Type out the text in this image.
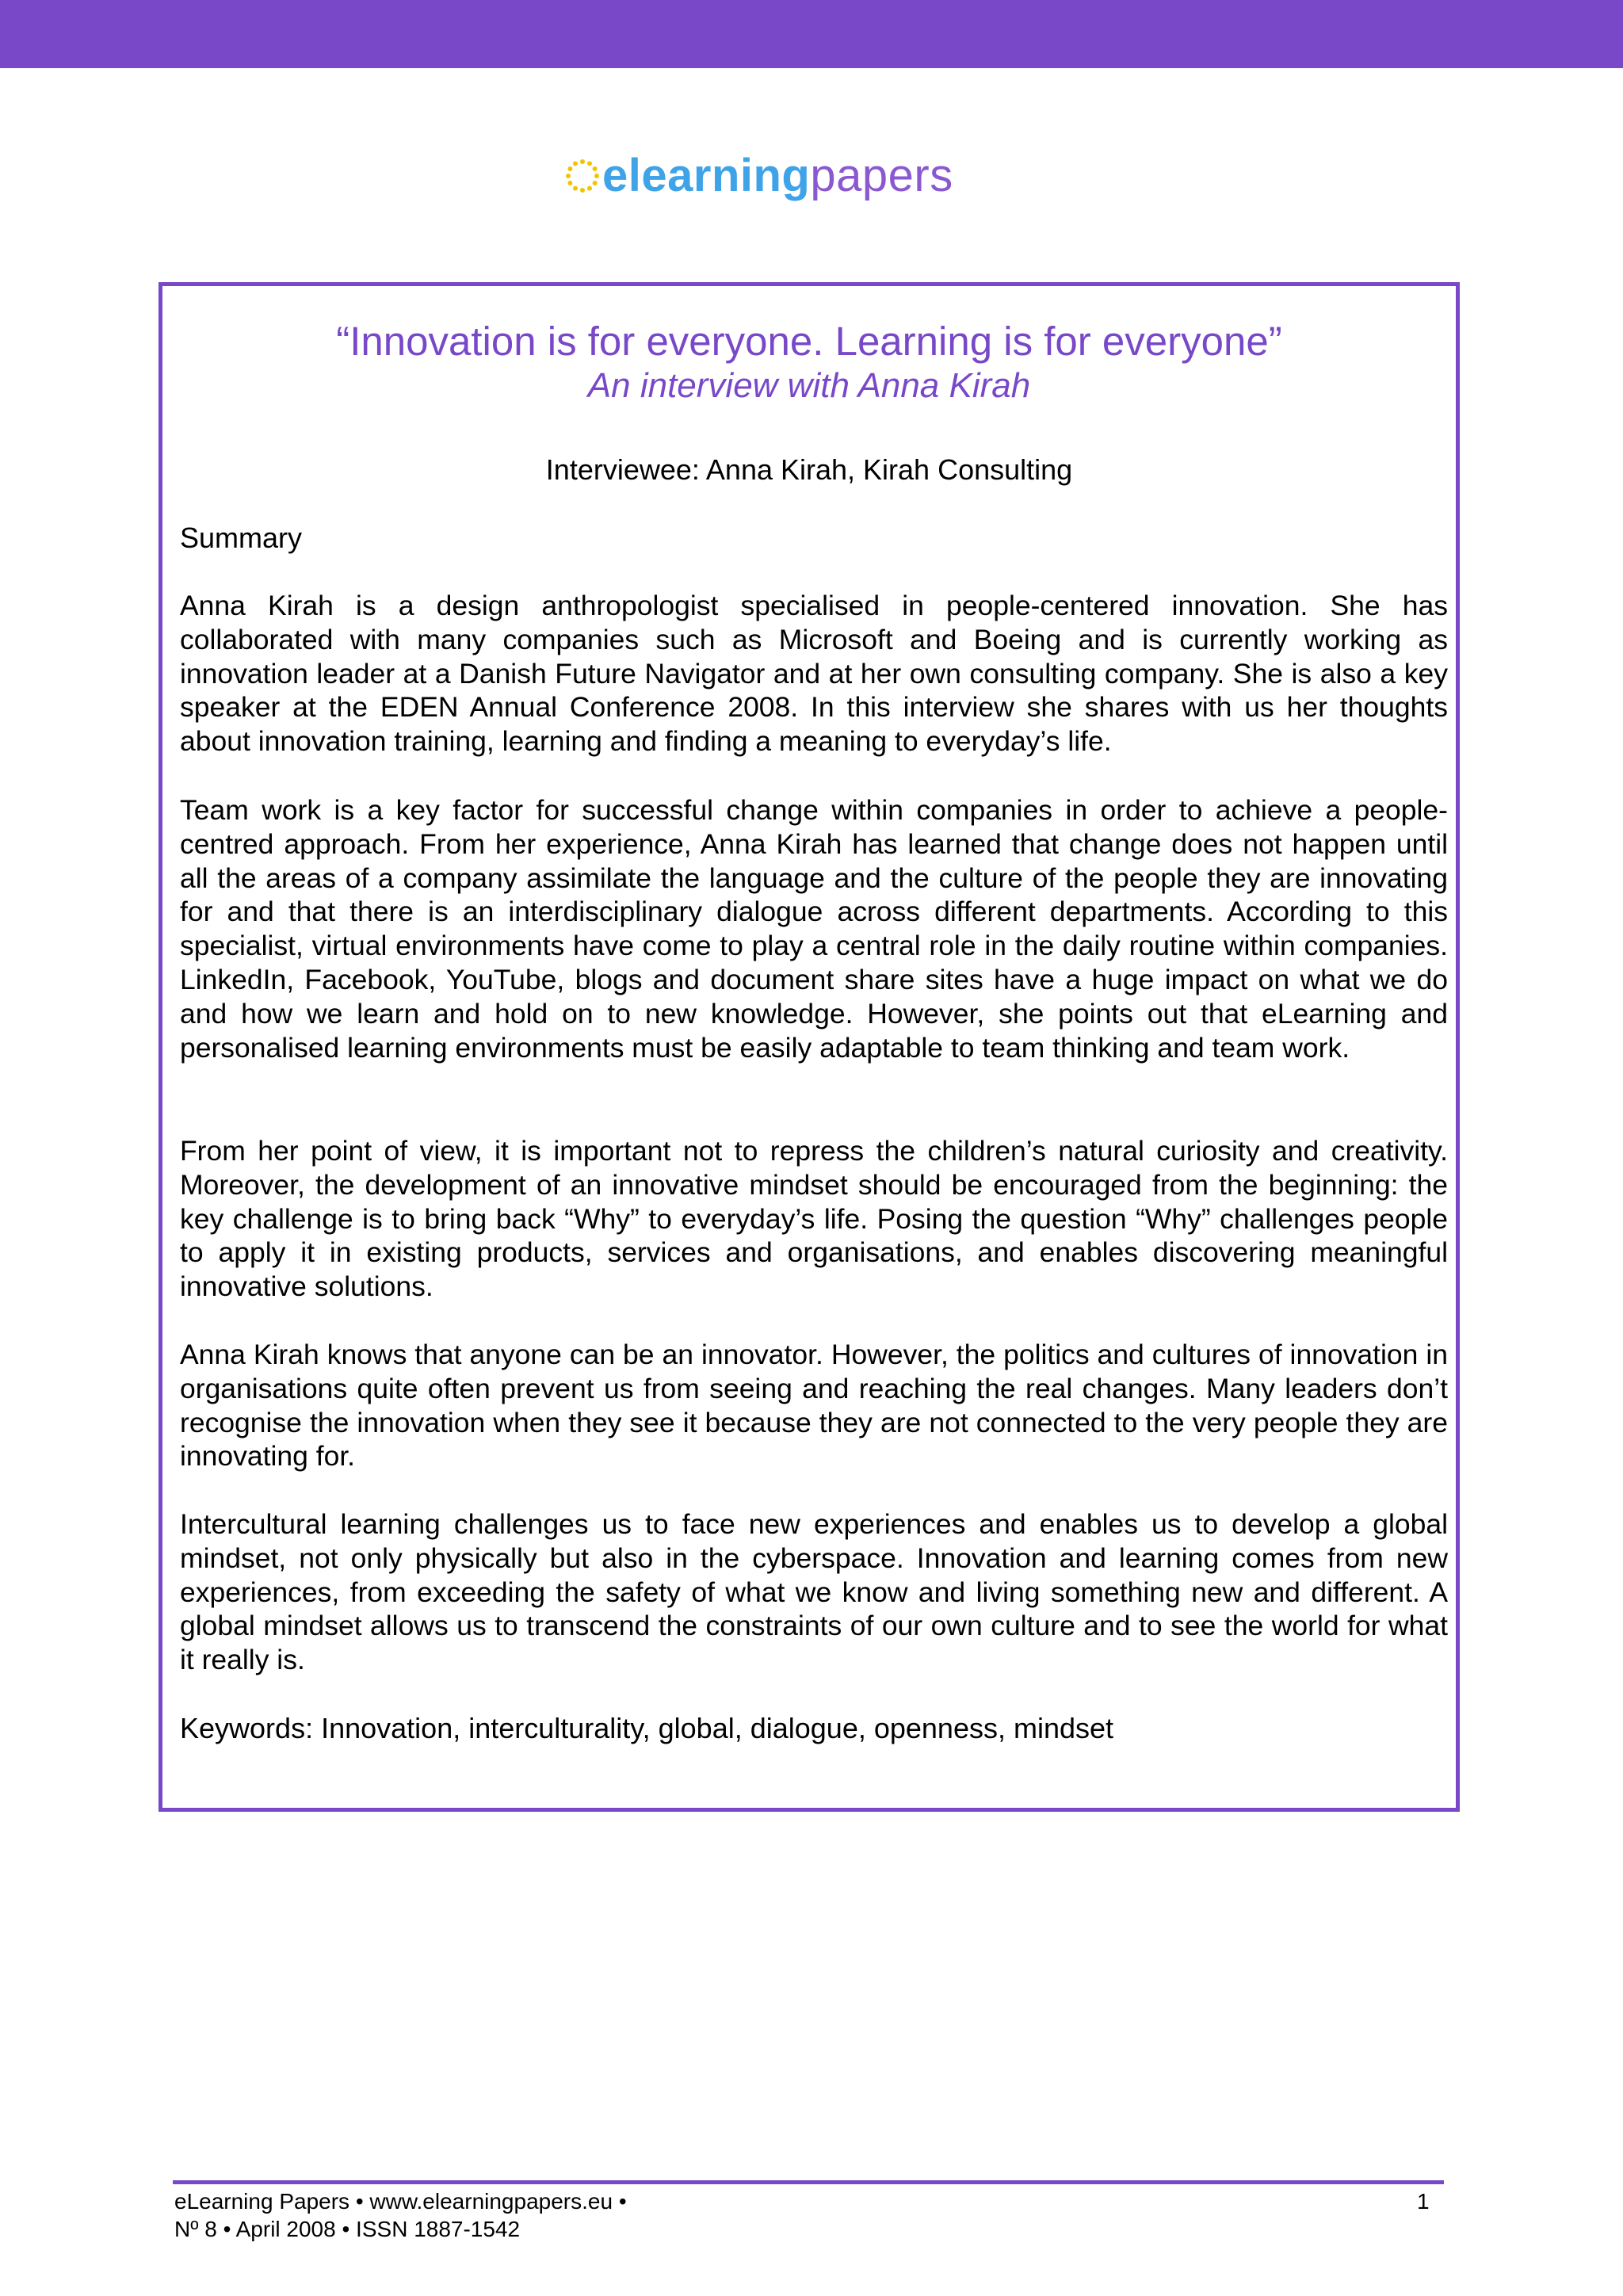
elearningpapers
“Innovation is for everyone. Learning is for everyone”
An interview with Anna Kirah
Interviewee: Anna Kirah, Kirah Consulting
Summary

Anna Kirah is a design anthropologist specialised in people-centered innovation. She has collaborated with many companies such as Microsoft and Boeing and is currently working as innovation leader at a Danish Future Navigator and at her own consulting company. She is also a key speaker at the EDEN Annual Conference 2008. In this interview she shares with us her thoughts about innovation training, learning and finding a meaning to everyday’s life.

Team work is a key factor for successful change within companies in order to achieve a people-centred approach. From her experience, Anna Kirah has learned that change does not happen until all the areas of a company assimilate the language and the culture of the people they are innovating for and that there is an interdisciplinary dialogue across different departments. According to this specialist, virtual environments have come to play a central role in the daily routine within companies. LinkedIn, Facebook, YouTube, blogs and document share sites have a huge impact on what we do and how we learn and hold on to new knowledge. However, she points out that eLearning and personalised learning environments must be easily adaptable to team thinking and team work.

From her point of view, it is important not to repress the children’s natural curiosity and creativity. Moreover, the development of an innovative mindset should be encouraged from the beginning: the key challenge is to bring back “Why” to everyday’s life. Posing the question “Why” challenges people to apply it in existing products, services and organisations, and enables discovering meaningful innovative solutions.

Anna Kirah knows that anyone can be an innovator. However, the politics and cultures of innovation in organisations quite often prevent us from seeing and reaching the real changes. Many leaders don’t recognise the innovation when they see it because they are not connected to the very people they are innovating for.

Intercultural learning challenges us to face new experiences and enables us to develop a global mindset, not only physically but also in the cyberspace. Innovation and learning comes from new experiences, from exceeding the safety of what we know and living something new and different. A global mindset allows us to transcend the constraints of our own culture and to see the world for what it really is.

Keywords: Innovation, interculturality, global, dialogue, openness, mindset
eLearning Papers • www.elearningpapers.eu •
Nº 8 • April 2008 • ISSN 1887-1542
1
